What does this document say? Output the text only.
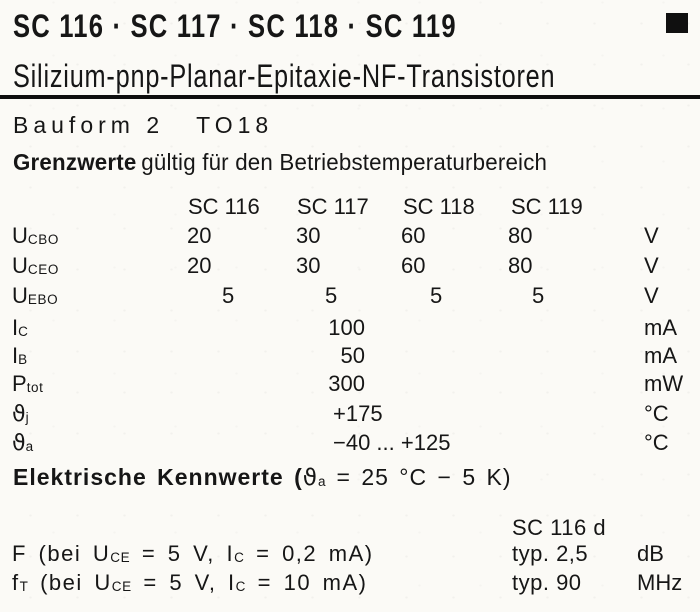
SC 116 · SC 117 · SC 118 · SC 119
Silizium-pnp-Planar-Epitaxie-NF-Transistoren
Bauform 2 TO18
Grenzwerte gültig für den Betriebstemperaturbereich
SC 116 SC 117 SC 118 SC 119
UCBO	20	30	60	80	V
UCEO	20	30	60	80	V
UEBO	5	5	5	5	V
IC	100	mA
IB	50	mA
Ptot	300	mW
ϑj	+175	°C
ϑa	−40 ... +125	°C
Elektrische Kennwerte (ϑa = 25 °C − 5 K)
SC 116 d
F (bei UCE = 5 V, IC = 0,2 mA)	typ. 2,5 dB
fT (bei UCE = 5 V, IC = 10 mA)	typ. 90	MHz
